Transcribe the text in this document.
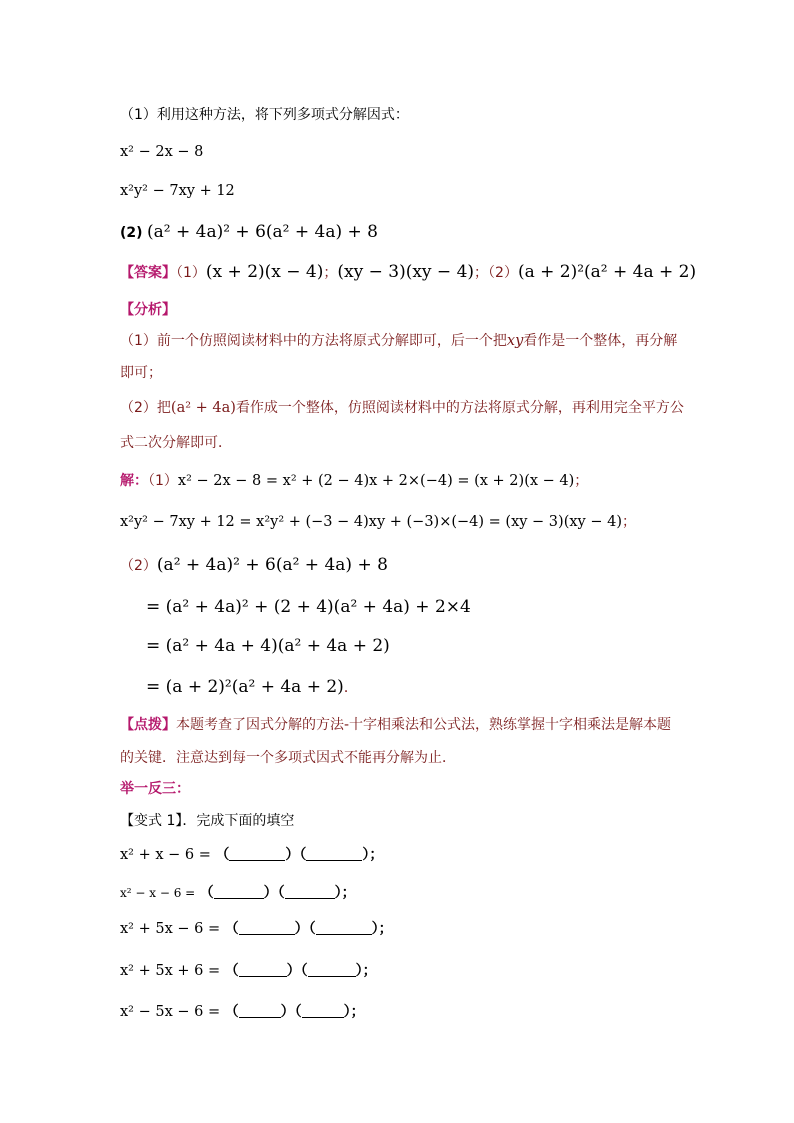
（1）利用这种方法，将下列多项式分解因式：
x² − 2x − 8
x²y² − 7xy + 12
(2) (a² + 4a)² + 6(a² + 4a) + 8
【答案】（1）(x + 2)(x − 4)；(xy − 3)(xy − 4)；（2）(a + 2)²(a² + 4a + 2)
【分析】
（1）前一个仿照阅读材料中的方法将原式分解即可，后一个把xy看作是一个整体，再分解
即可；
（2）把(a² + 4a)看作成一个整体，仿照阅读材料中的方法将原式分解，再利用完全平方公
式二次分解即可．
解：（1）x² − 2x − 8 = x² + (2 − 4)x + 2×(−4) = (x + 2)(x − 4)；
x²y² − 7xy + 12 = x²y² + (−3 − 4)xy + (−3)×(−4) = (xy − 3)(xy − 4)；
（2）(a² + 4a)² + 6(a² + 4a) + 8
= (a² + 4a)² + (2 + 4)(a² + 4a) + 2×4
= (a² + 4a + 4)(a² + 4a + 2)
= (a + 2)²(a² + 4a + 2)．
【点拨】本题考查了因式分解的方法-十字相乘法和公式法，熟练掌握十字相乘法是解本题
的关键．注意达到每一个多项式因式不能再分解为止．
举一反三：
【变式 1】．完成下面的填空
x² + x − 6 = （	）（	）；
x² − x − 6 = （	）（	）；
x² + 5x − 6 = （	）（	）；
x² + 5x + 6 = （	）（	）；
x² − 5x − 6 = （	）（	）；
